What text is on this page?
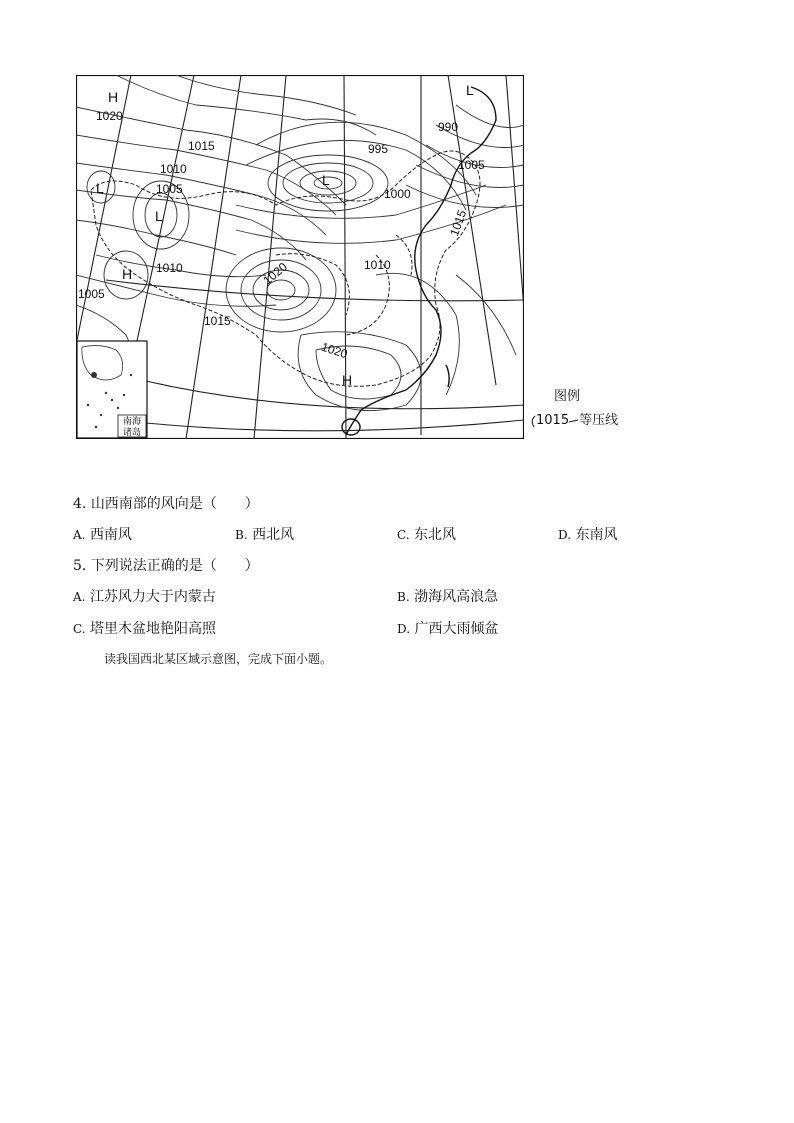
南海
诸岛
H
1020
1015
1010
1005
L
L
H 1010
1005
1015
1020
1020
H
995
L
1000
1010
990
L
1005
1015
图例
1015 等压线
4. 山西南部的风向是（　　）
A. 西南风	B. 西北风	C. 东北风	D. 东南风
5. 下列说法正确的是（　　）
A. 江苏风力大于内蒙古	B. 渤海风高浪急
C. 塔里木盆地艳阳高照	D. 广西大雨倾盆
读我国西北某区域示意图，完成下面小题。
